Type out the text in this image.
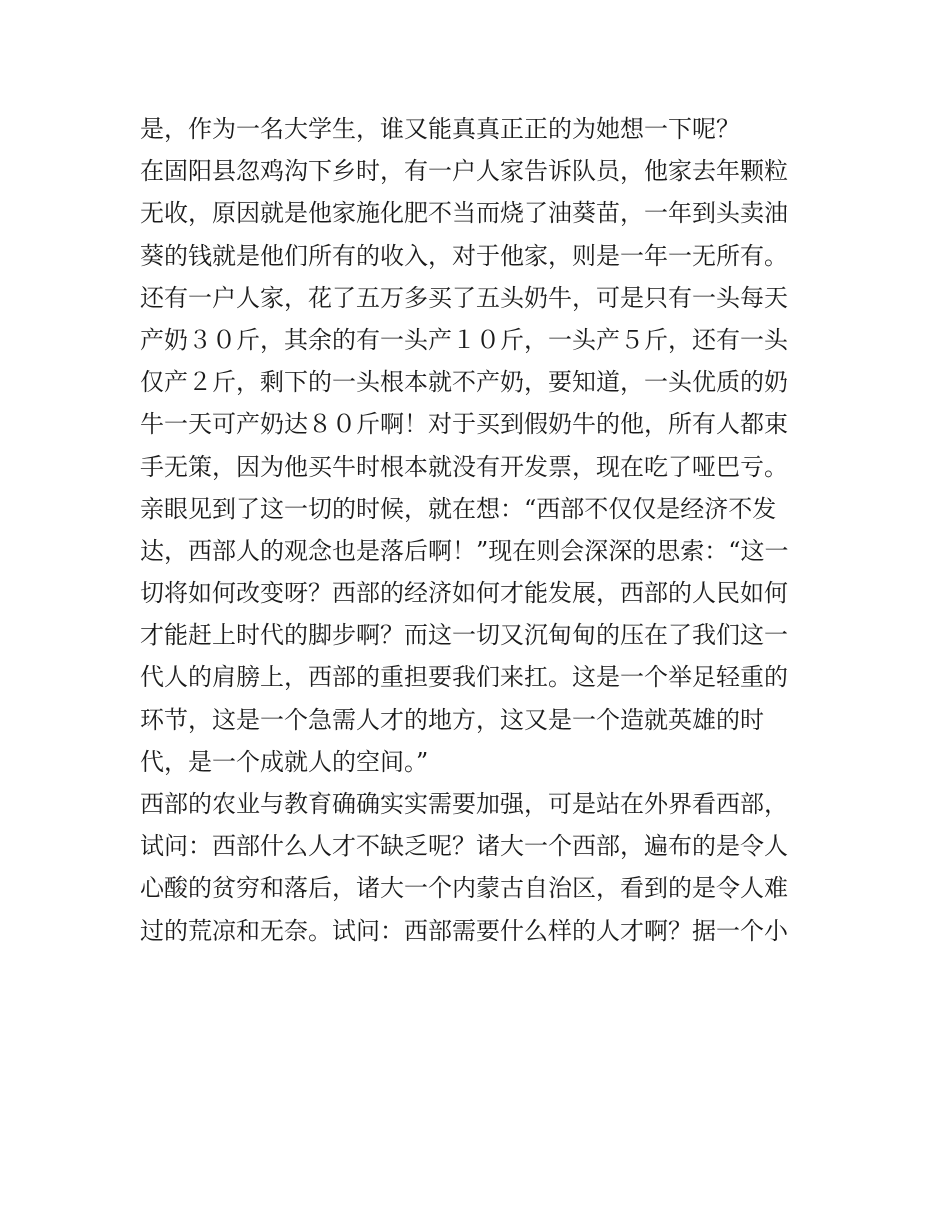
是，作为一名大学生，谁又能真真正正的为她想一下呢？
在固阳县忽鸡沟下乡时，有一户人家告诉队员，他家去年颗粒
无收，原因就是他家施化肥不当而烧了油葵苗，一年到头卖油
葵的钱就是他们所有的收入，对于他家，则是一年一无所有。
还有一户人家，花了五万多买了五头奶牛，可是只有一头每天
产奶３０斤，其余的有一头产１０斤，一头产５斤，还有一头
仅产２斤，剩下的一头根本就不产奶，要知道，一头优质的奶
牛一天可产奶达８０斤啊！对于买到假奶牛的他，所有人都束
手无策，因为他买牛时根本就没有开发票，现在吃了哑巴亏。
亲眼见到了这一切的时候，就在想：“西部不仅仅是经济不发
达，西部人的观念也是落后啊！”现在则会深深的思索：“这一
切将如何改变呀？西部的经济如何才能发展，西部的人民如何
才能赶上时代的脚步啊？而这一切又沉甸甸的压在了我们这一
代人的肩膀上，西部的重担要我们来扛。这是一个举足轻重的
环节，这是一个急需人才的地方，这又是一个造就英雄的时
代，是一个成就人的空间。”
西部的农业与教育确确实实需要加强，可是站在外界看西部，
试问：西部什么人才不缺乏呢？诸大一个西部，遍布的是令人
心酸的贫穷和落后，诸大一个内蒙古自治区，看到的是令人难
过的荒凉和无奈。试问：西部需要什么样的人才啊？据一个小
